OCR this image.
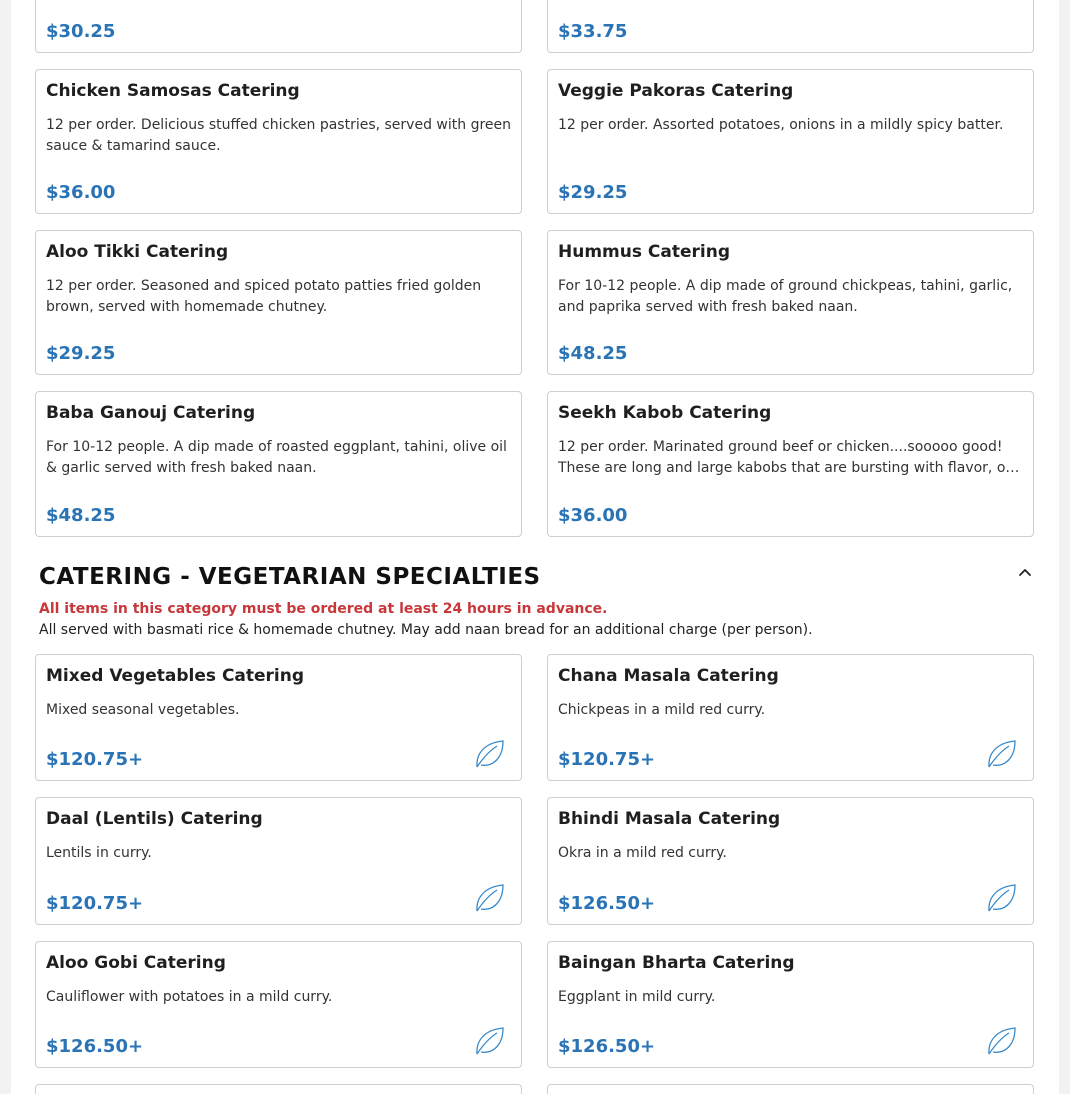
$30.25	$33.75
Chicken Samosas Catering
12 per order. Delicious stuffed chicken pastries, served with green sauce & tamarind sauce.
$36.00
Veggie Pakoras Catering
12 per order. Assorted potatoes, onions in a mildly spicy batter.
$29.25
Aloo Tikki Catering
12 per order. Seasoned and spiced potato patties fried golden brown, served with homemade chutney.
$29.25
Hummus Catering
For 10-12 people. A dip made of ground chickpeas, tahini, garlic, and paprika served with fresh baked naan.
$48.25
Baba Ganouj Catering
For 10-12 people. A dip made of roasted eggplant, tahini, olive oil & garlic served with fresh baked naan.
$48.25
Seekh Kabob Catering
12 per order. Marinated ground beef or chicken....sooooo good! These are long and large kabobs that are bursting with flavor, o…
$36.00
CATERING - VEGETARIAN SPECIALTIES
All items in this category must be ordered at least 24 hours in advance.
All served with basmati rice & homemade chutney. May add naan bread for an additional charge (per person).
Mixed Vegetables Catering
Mixed seasonal vegetables.
$120.75+
Chana Masala Catering
Chickpeas in a mild red curry.
$120.75+
Daal (Lentils) Catering
Lentils in curry.
$120.75+
Bhindi Masala Catering
Okra in a mild red curry.
$126.50+
Aloo Gobi Catering
Cauliflower with potatoes in a mild curry.
$126.50+
Baingan Bharta Catering
Eggplant in mild curry.
$126.50+
